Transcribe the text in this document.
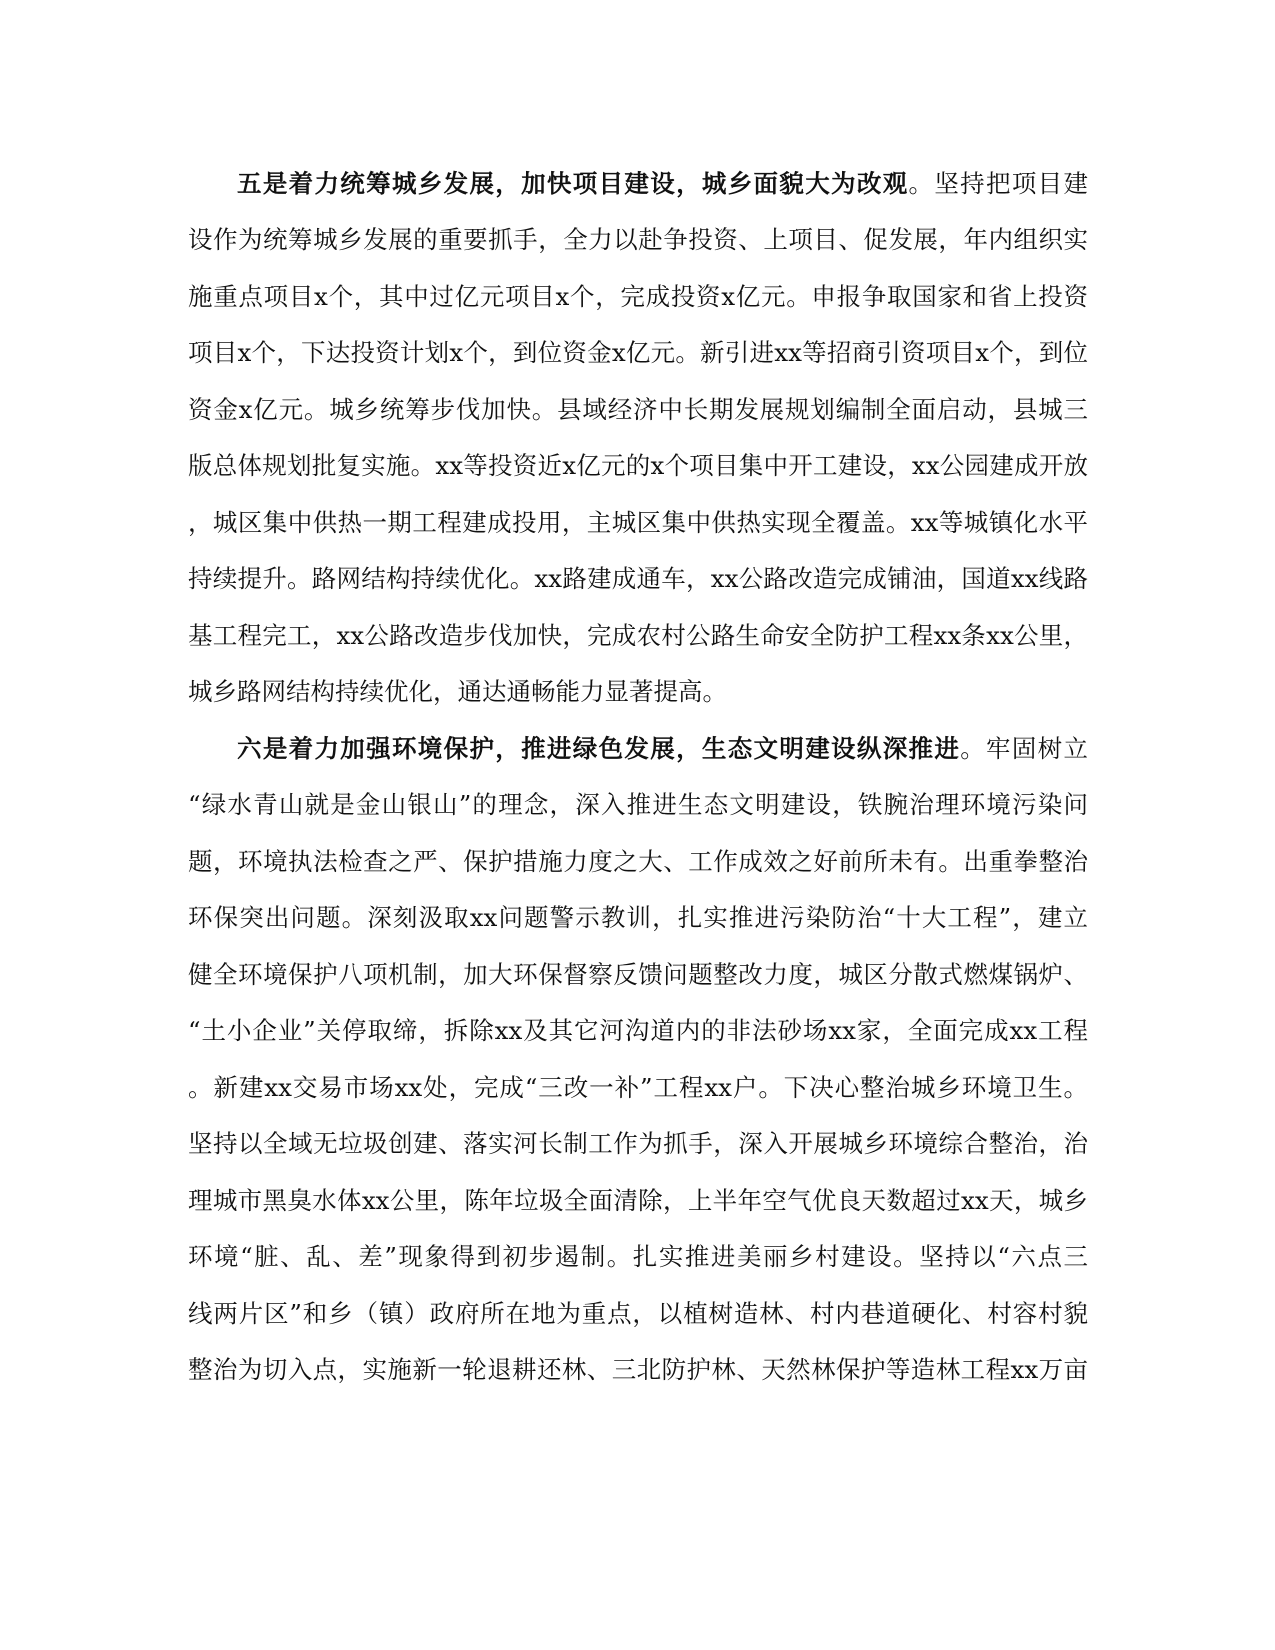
五是着力统筹城乡发展，加快项目建设，城乡面貌大为改观。坚持把项目建

设作为统筹城乡发展的重要抓手，全力以赴争投资、上项目、促发展，年内组织实

施重点项目x个，其中过亿元项目x个，完成投资x亿元。申报争取国家和省上投资

项目x个，下达投资计划x个，到位资金x亿元。新引进xx等招商引资项目x个，到位

资金x亿元。城乡统筹步伐加快。县域经济中长期发展规划编制全面启动，县城三

版总体规划批复实施。xx等投资近x亿元的x个项目集中开工建设，xx公园建成开放

，城区集中供热一期工程建成投用，主城区集中供热实现全覆盖。xx等城镇化水平

持续提升。路网结构持续优化。xx路建成通车，xx公路改造完成铺油，国道xx线路

基工程完工，xx公路改造步伐加快，完成农村公路生命安全防护工程xx条xx公里，

城乡路网结构持续优化，通达通畅能力显著提高。

六是着力加强环境保护，推进绿色发展，生态文明建设纵深推进。牢固树立

“绿水青山就是金山银山”的理念，深入推进生态文明建设，铁腕治理环境污染问

题，环境执法检查之严、保护措施力度之大、工作成效之好前所未有。出重拳整治

环保突出问题。深刻汲取xx问题警示教训，扎实推进污染防治“十大工程”，建立

健全环境保护八项机制，加大环保督察反馈问题整改力度，城区分散式燃煤锅炉、

“土小企业”关停取缔，拆除xx及其它河沟道内的非法砂场xx家，全面完成xx工程

。新建xx交易市场xx处，完成“三改一补”工程xx户。下决心整治城乡环境卫生。

坚持以全域无垃圾创建、落实河长制工作为抓手，深入开展城乡环境综合整治，治

理城市黑臭水体xx公里，陈年垃圾全面清除，上半年空气优良天数超过xx天，城乡

环境“脏、乱、差”现象得到初步遏制。扎实推进美丽乡村建设。坚持以“六点三

线两片区”和乡（镇）政府所在地为重点，以植树造林、村内巷道硬化、村容村貌

整治为切入点，实施新一轮退耕还林、三北防护林、天然林保护等造林工程xx万亩
